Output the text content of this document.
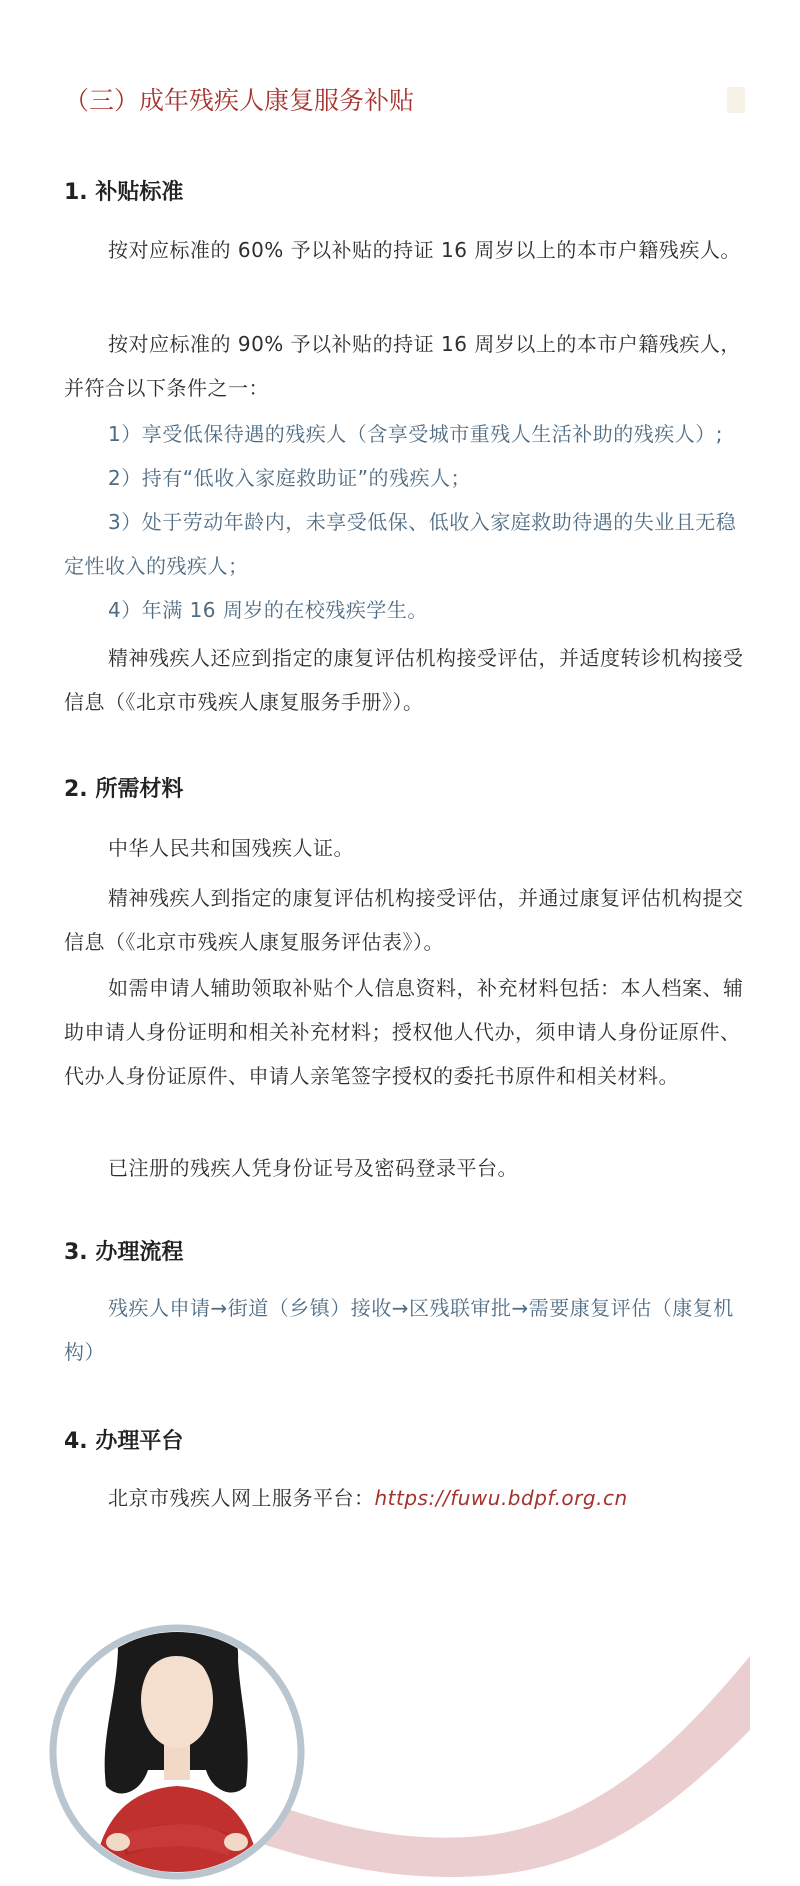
（三）成年残疾人康复服务补贴
1. 补贴标准
按对应标准的 60% 予以补贴的持证 16 周岁以上的本市户籍残疾人。
按对应标准的 90% 予以补贴的持证 16 周岁以上的本市户籍残疾人，并符合以下条件之一：
1）享受低保待遇的残疾人（含享受城市重残人生活补助的残疾人）;
2）持有“低收入家庭救助证”的残疾人；
3）处于劳动年龄内，未享受低保、低收入家庭救助待遇的失业且无稳定性收入的残疾人；
4）年满 16 周岁的在校残疾学生。
精神残疾人还应到指定的康复评估机构接受评估，并适度转诊机构接受信息（《北京市残疾人康复服务手册》）。
2. 所需材料
中华人民共和国残疾人证。
精神残疾人到指定的康复评估机构接受评估，并通过康复评估机构提交信息（《北京市残疾人康复服务评估表》）。
如需申请人辅助领取补贴个人信息资料，补充材料包括：本人档案、辅助申请人身份证明和相关补充材料；授权他人代办，须申请人身份证原件、代办人身份证原件、申请人亲笔签字授权的委托书原件和相关材料。
已注册的残疾人凭身份证号及密码登录平台。
3. 办理流程
残疾人申请→街道（乡镇）接收→区残联审批→需要康复评估（康复机构）
4. 办理平台
北京市残疾人网上服务平台：https://fuwu.bdpf.org.cn
